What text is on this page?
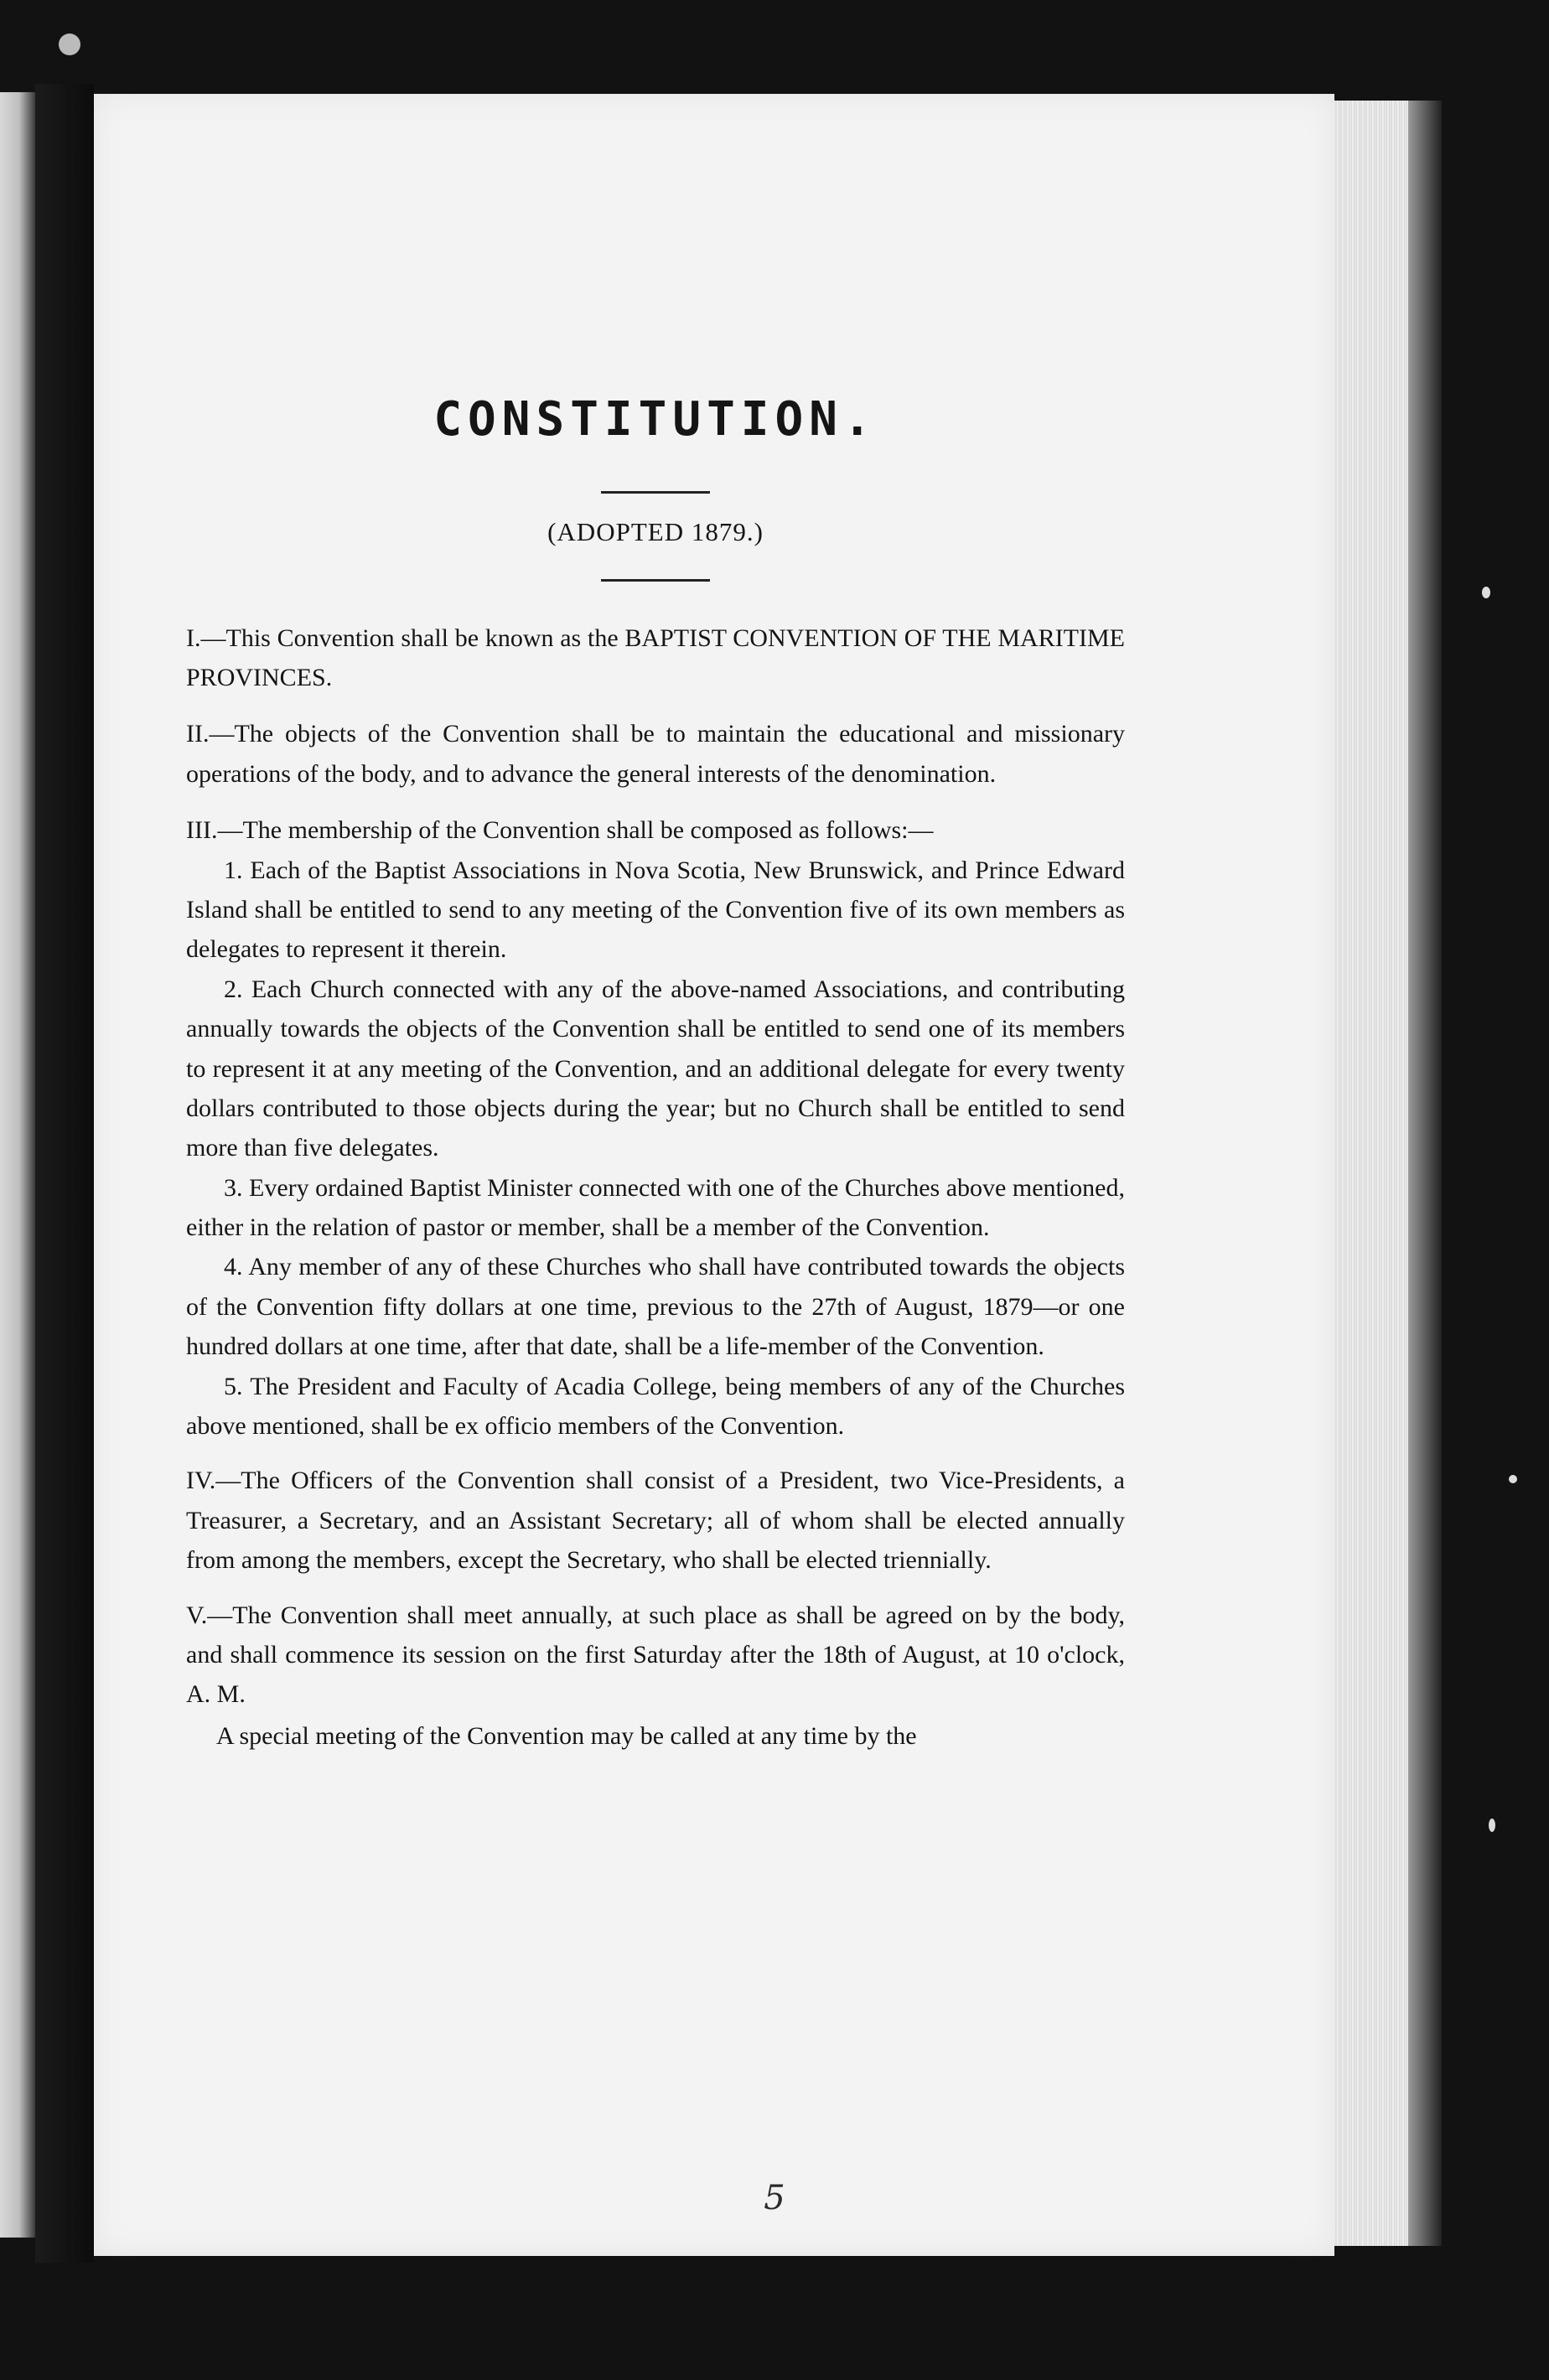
CONSTITUTION.
(ADOPTED 1879.)

I.—This Convention shall be known as the BAPTIST CONVENTION OF THE MARITIME PROVINCES.

II.—The objects of the Convention shall be to maintain the educational and missionary operations of the body, and to advance the general interests of the denomination.

III.—The membership of the Convention shall be composed as follows:—

1. Each of the Baptist Associations in Nova Scotia, New Brunswick, and Prince Edward Island shall be entitled to send to any meeting of the Convention five of its own members as delegates to represent it therein.

2. Each Church connected with any of the above-named Associations, and contributing annually towards the objects of the Convention shall be entitled to send one of its members to represent it at any meeting of the Convention, and an additional delegate for every twenty dollars contributed to those objects during the year; but no Church shall be entitled to send more than five delegates.

3. Every ordained Baptist Minister connected with one of the Churches above mentioned, either in the relation of pastor or member, shall be a member of the Convention.

4. Any member of any of these Churches who shall have contributed towards the objects of the Convention fifty dollars at one time, previous to the 27th of August, 1879—or one hundred dollars at one time, after that date, shall be a life-member of the Convention.

5. The President and Faculty of Acadia College, being members of any of the Churches above mentioned, shall be ex officio members of the Convention.

IV.—The Officers of the Convention shall consist of a President, two Vice-Presidents, a Treasurer, a Secretary, and an Assistant Secretary; all of whom shall be elected annually from among the members, except the Secretary, who shall be elected triennially.

V.—The Convention shall meet annually, at such place as shall be agreed on by the body, and shall commence its session on the first Saturday after the 18th of August, at 10 o'clock, A. M.

A special meeting of the Convention may be called at any time by the

5
